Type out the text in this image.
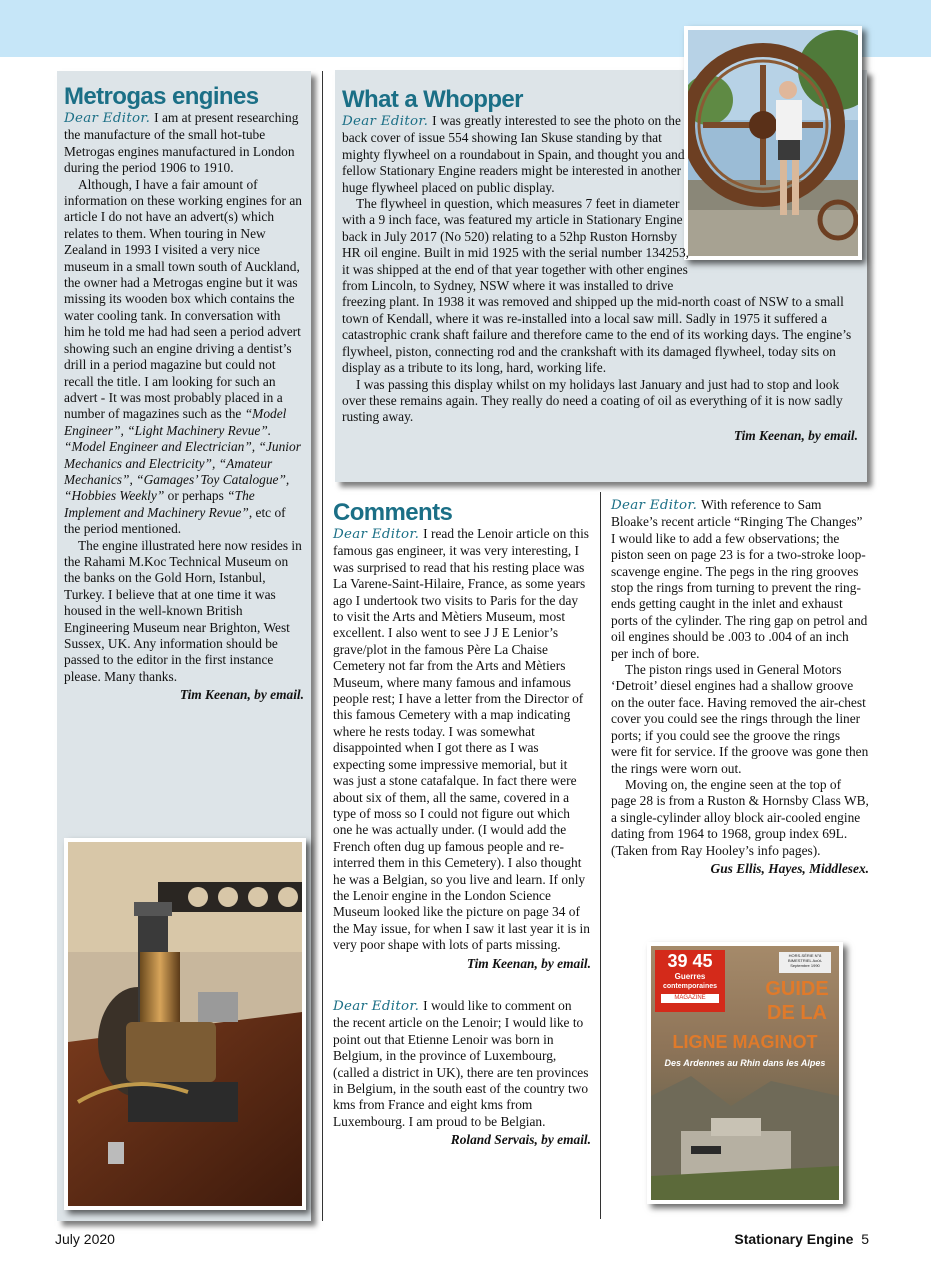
Metrogas engines

Dear Editor. I am at present researching the manufacture of the small hot-tube Metrogas engines manufactured in London during the period 1906 to 1910.

Although, I have a fair amount of information on these working engines for an article I do not have an advert(s) which relates to them. When touring in New Zealand in 1993 I visited a very nice museum in a small town south of Auckland, the owner had a Metrogas engine but it was missing its wooden box which contains the water cooling tank. In conversation with him he told me had had seen a period advert showing such an engine driving a dentist’s drill in a period magazine but could not recall the title. I am looking for such an advert - It was most probably placed in a number of magazines such as the “Model Engineer”, “Light Machinery Revue”. “Model Engineer and Electrician”, “Junior Mechanics and Electricity”, “Amateur Mechanics”, “Gamages’ Toy Catalogue”, “Hobbies Weekly” or perhaps “The Implement and Machinery Revue”, etc of the period mentioned.

The engine illustrated here now resides in the Rahami M.Koc Technical Museum on the banks on the Gold Horn, Istanbul, Turkey. I believe that at one time it was housed in the well-known British Engineering Museum near Brighton, West Sussex, UK. Any information should be passed to the editor in the first instance please. Many thanks.

Tim Keenan, by email.
What a Whopper

Dear Editor. I was greatly interested to see the photo on the back cover of issue 554 showing Ian Skuse standing by that mighty flywheel on a roundabout in Spain, and thought you and fellow Stationary Engine readers might be interested in another huge flywheel placed on public display.

The flywheel in question, which measures 7 feet in diameter with a 9 inch face, was featured my article in Stationary Engine back in July 2017 (No 520) relating to a 52hp Ruston Hornsby HR oil engine. Built in mid 1925 with the serial number 134253, it was shipped at the end of that year together with other engines from Lincoln, to Sydney, NSW where it was installed to drive freezing plant. In 1938 it was removed and shipped up the mid-north coast of NSW to a small town of Kendall, where it was re-installed into a local saw mill. Sadly in 1975 it suffered a catastrophic crank shaft failure and therefore came to the end of its working days. The engine’s flywheel, piston, connecting rod and the crankshaft with its damaged flywheel, today sits on display as a tribute to its long, hard, working life.

I was passing this display whilst on my holidays last January and just had to stop and look over these remains again. They really do need a coating of oil as everything of it is now sadly rusting away.

Tim Keenan, by email.
Comments

Dear Editor. I read the Lenoir article on this famous gas engineer, it was very interesting, I was surprised to read that his resting place was La Varene-Saint-Hilaire, France, as some years ago I undertook two visits to Paris for the day to visit the Arts and Mètiers Museum, most excellent. I also went to see J J E Lenior’s grave/plot in the famous Père La Chaise Cemetery not far from the Arts and Mètiers Museum, where many famous and infamous people rest; I have a letter from the Director of this famous Cemetery with a map indicating where he rests today. I was somewhat disappointed when I got there as I was expecting some impressive memorial, but it was just a stone catafalque. In fact there were about six of them, all the same, covered in a type of moss so I could not figure out which one he was actually under. (I would add the French often dug up famous people and re-interred them in this Cemetery). I also thought he was a Belgian, so you live and learn. If only the Lenoir engine in the London Science Museum looked like the picture on page 34 of the May issue, for when I saw it last year it is in very poor shape with lots of parts missing.

Tim Keenan, by email.

Dear Editor. I would like to comment on the recent article on the Lenoir; I would like to point out that Etienne Lenoir was born in Belgium, in the province of Luxembourg, (called a district in UK), there are ten provinces in Belgium, in the south east of the country two kms from France and eight kms from Luxembourg. I am proud to be Belgian.

Roland Servais, by email.

Dear Editor. With reference to Sam Bloake’s recent article “Ringing The Changes” I would like to add a few observations; the piston seen on page 23 is for a two-stroke loop-scavenge engine. The pegs in the ring grooves stop the rings from turning to prevent the ring-ends getting caught in the inlet and exhaust ports of the cylinder. The ring gap on petrol and oil engines should be .003 to .004 of an inch per inch of bore.

The piston rings used in General Motors ‘Detroit’ diesel engines had a shallow groove on the outer face. Having removed the air-chest cover you could see the rings through the liner ports; if you could see the groove the rings were fit for service. If the groove was gone then the rings were worn out.

Moving on, the engine seen at the top of page 28 is from a Ruston & Hornsby Class WB, a single-cylinder alloy block air-cooled engine dating from 1964 to 1968, group index 69L. (Taken from Ray Hooley’s info pages).

Gus Ellis, Hayes, Middlesex.
39 45
Guerres
contemporaines
MAGAZINE
HORS-SÉRIE N°8 BIMESTRIEL Août-Septembre 1990
GUIDE
DE LA
LIGNE MAGINOT
Des Ardennes au Rhin dans les Alpes
July 2020	Stationary Engine 5
